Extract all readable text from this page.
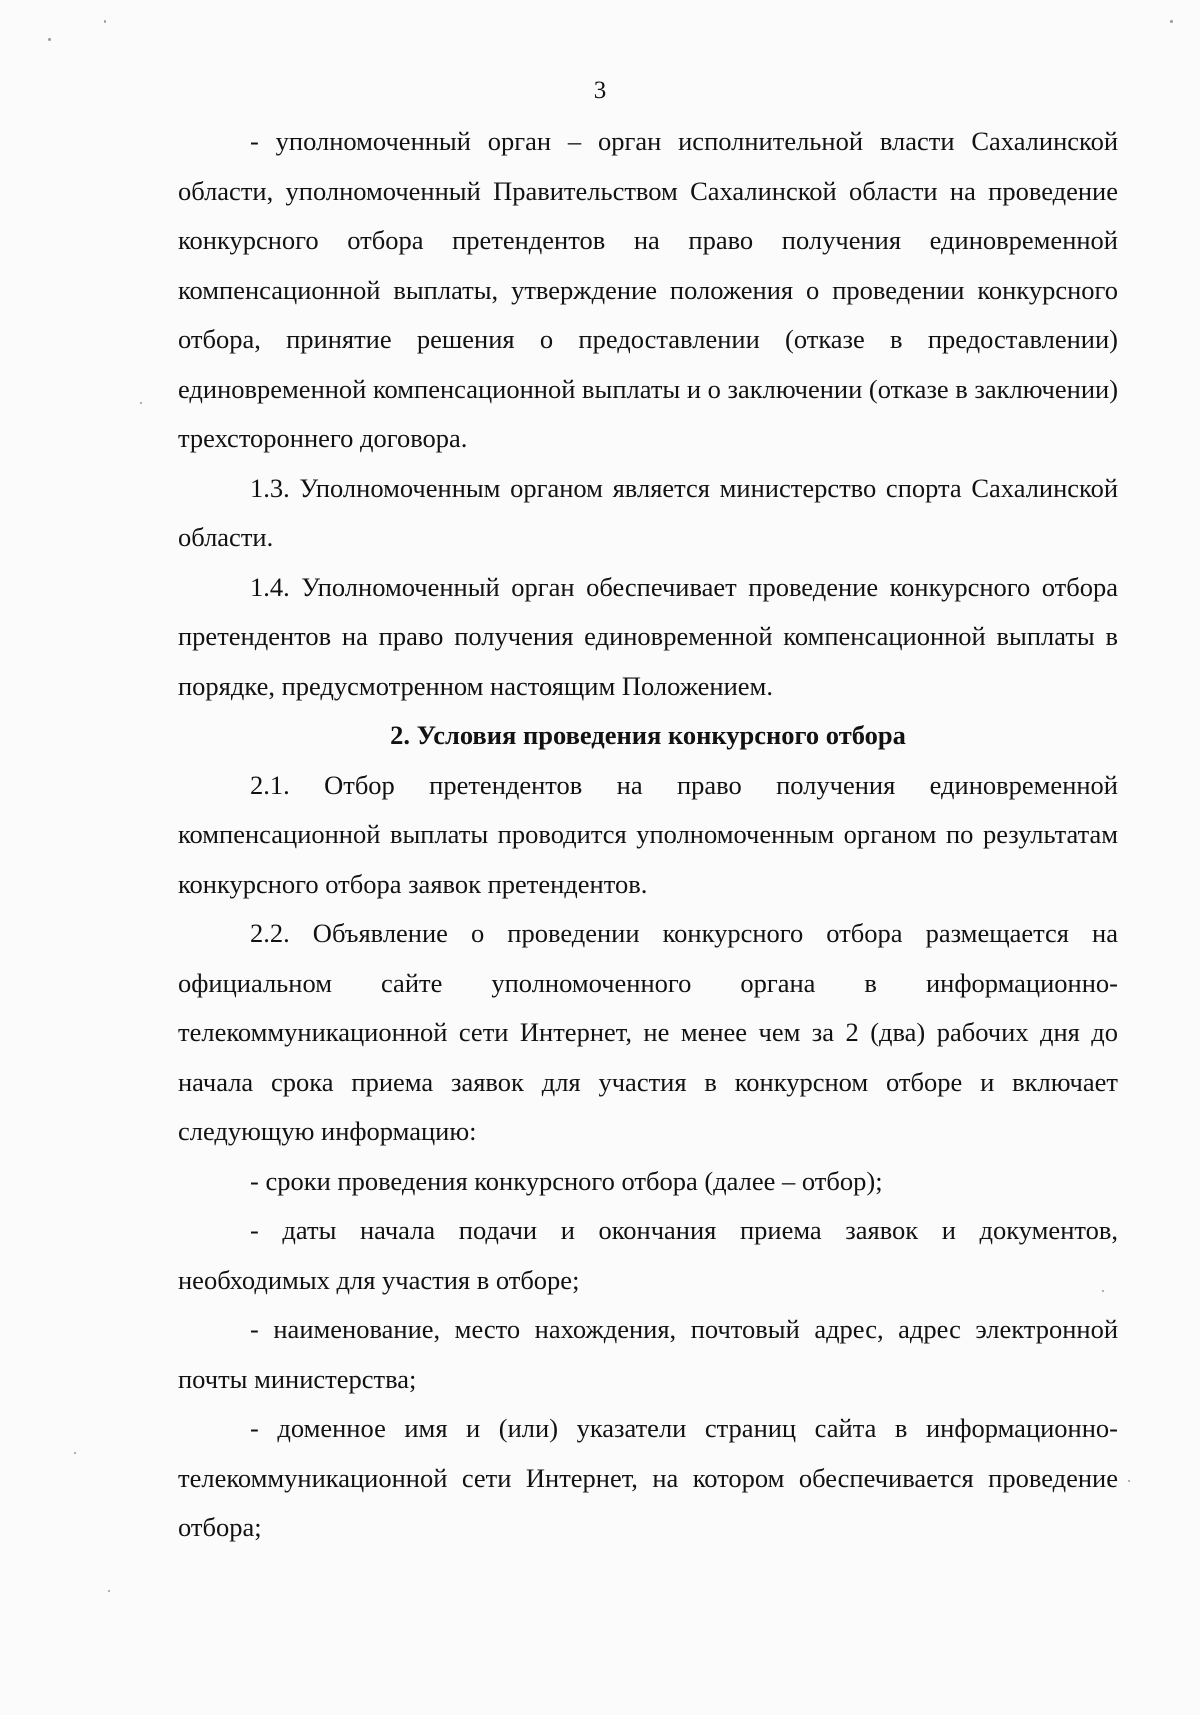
3

- уполномоченный орган – орган исполнительной власти Сахалинской области, уполномоченный Правительством Сахалинской области на проведение конкурсного отбора претендентов на право получения единовременной компенсационной выплаты, утверждение положения о проведении конкурсного отбора, принятие решения о предоставлении (отказе в предоставлении) единовременной компенсационной выплаты и о заключении (отказе в заключении) трехстороннего договора.

1.3. Уполномоченным органом является министерство спорта Сахалинской области.

1.4. Уполномоченный орган обеспечивает проведение конкурсного отбора претендентов на право получения единовременной компенсационной выплаты в порядке, предусмотренном настоящим Положением.

2. Условия проведения конкурсного отбора

2.1. Отбор претендентов на право получения единовременной компенсационной выплаты проводится уполномоченным органом по результатам конкурсного отбора заявок претендентов.

2.2. Объявление о проведении конкурсного отбора размещается на официальном сайте уполномоченного органа в информационно-телекоммуникационной сети Интернет, не менее чем за 2 (два) рабочих дня до начала срока приема заявок для участия в конкурсном отборе и включает следующую информацию:

- сроки проведения конкурсного отбора (далее – отбор);

- даты начала подачи и окончания приема заявок и документов, необходимых для участия в отборе;

- наименование, место нахождения, почтовый адрес, адрес электронной почты министерства;

- доменное имя и (или) указатели страниц сайта в информационно-телекоммуникационной сети Интернет, на котором обеспечивается проведение отбора;
